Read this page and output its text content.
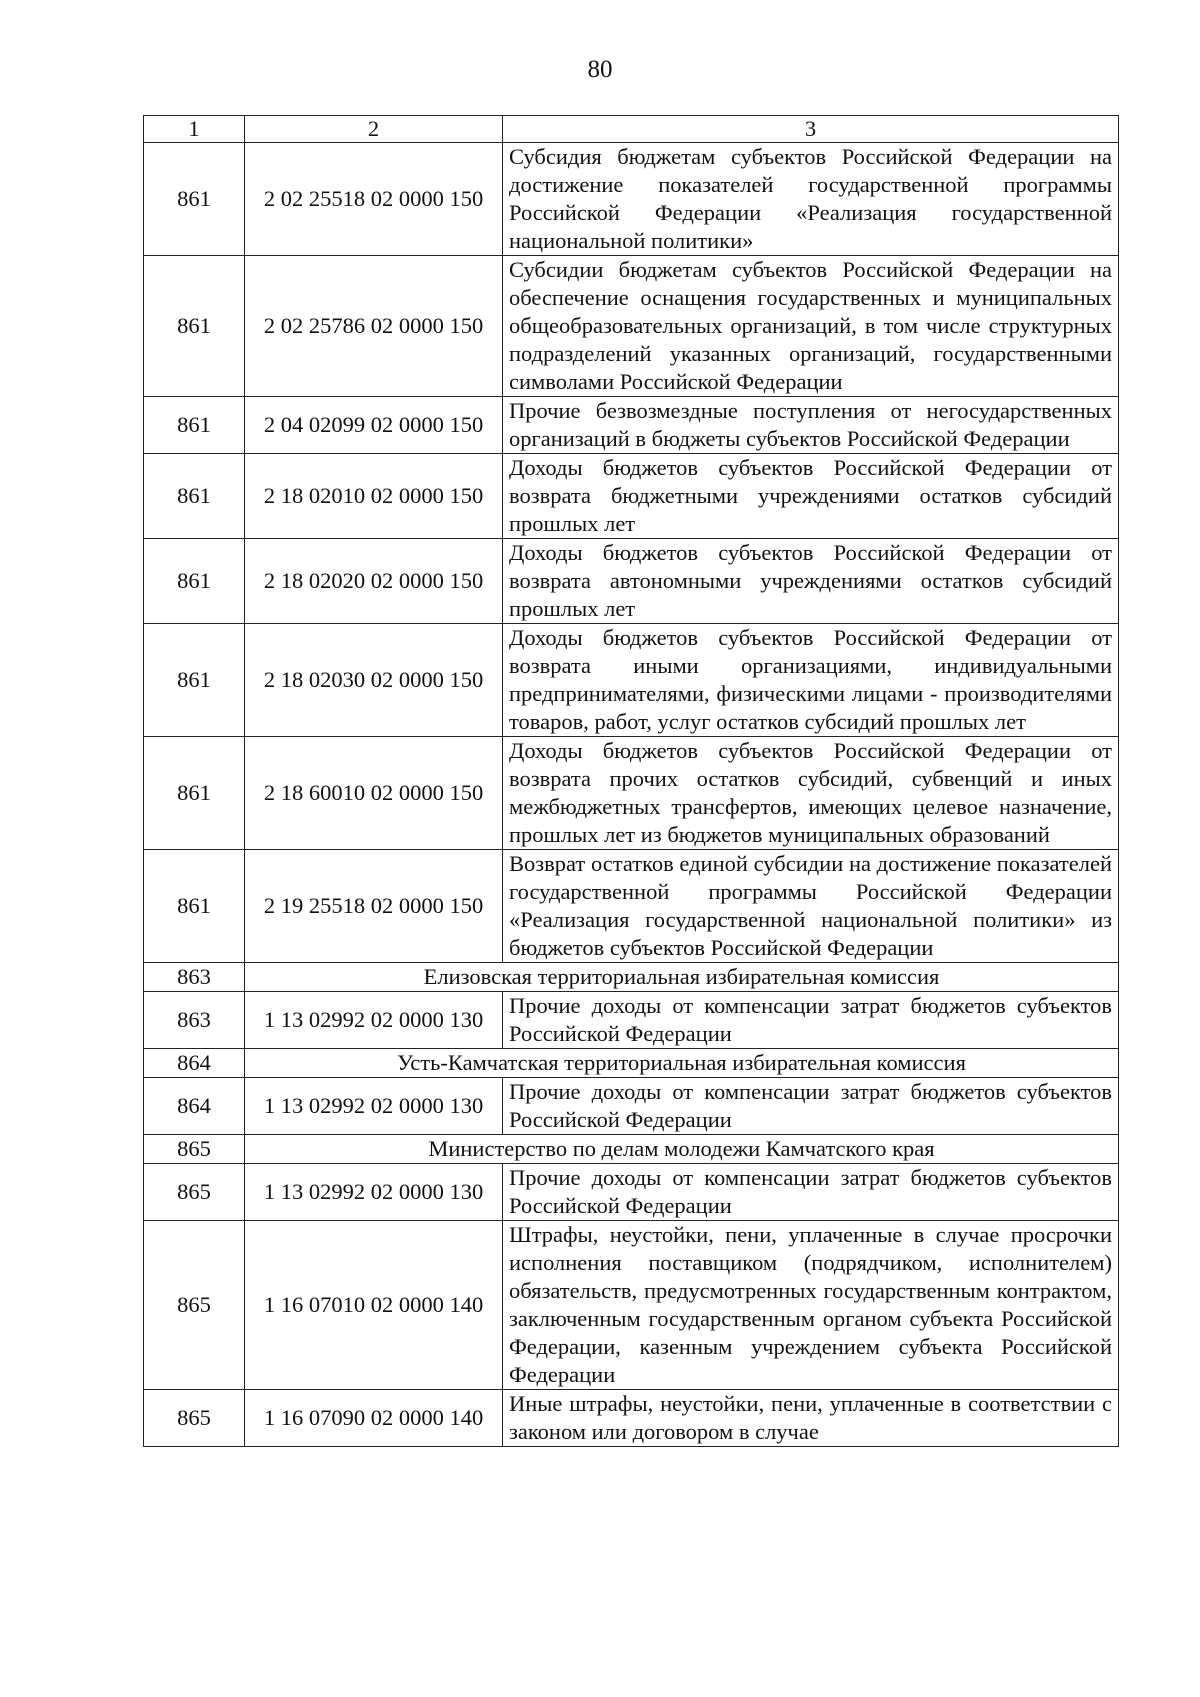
80
1	2	3
861	2 02 25518 02 0000 150	Субсидия бюджетам субъектов Российской Федерации на достижение показателей государственной программы Российской Федерации «Реализация государственной национальной политики»
861	2 02 25786 02 0000 150	Субсидии бюджетам субъектов Российской Федерации на обеспечение оснащения государственных и муниципальных общеобразовательных организаций, в том числе структурных подразделений указанных организаций, государственными символами Российской Федерации
861	2 04 02099 02 0000 150	Прочие безвозмездные поступления от негосударственных организаций в бюджеты субъектов Российской Федерации
861	2 18 02010 02 0000 150	Доходы бюджетов субъектов Российской Федерации от возврата бюджетными учреждениями остатков субсидий прошлых лет
861	2 18 02020 02 0000 150	Доходы бюджетов субъектов Российской Федерации от возврата автономными учреждениями остатков субсидий прошлых лет
861	2 18 02030 02 0000 150	Доходы бюджетов субъектов Российской Федерации от возврата иными организациями, индивидуальными предпринимателями, физическими лицами - производителями товаров, работ, услуг остатков субсидий прошлых лет
861	2 18 60010 02 0000 150	Доходы бюджетов субъектов Российской Федерации от возврата прочих остатков субсидий, субвенций и иных межбюджетных трансфертов, имеющих целевое назначение, прошлых лет из бюджетов муниципальных образований
861	2 19 25518 02 0000 150	Возврат остатков единой субсидии на достижение показателей государственной программы Российской Федерации «Реализация государственной национальной политики» из бюджетов субъектов Российской Федерации
863	Елизовская территориальная избирательная комиссия	
863	1 13 02992 02 0000 130	Прочие доходы от компенсации затрат бюджетов субъектов Российской Федерации
864	Усть-Камчатская территориальная избирательная комиссия	
864	1 13 02992 02 0000 130	Прочие доходы от компенсации затрат бюджетов субъектов Российской Федерации
865	Министерство по делам молодежи Камчатского края	
865	1 13 02992 02 0000 130	Прочие доходы от компенсации затрат бюджетов субъектов Российской Федерации
865	1 16 07010 02 0000 140	Штрафы, неустойки, пени, уплаченные в случае просрочки исполнения поставщиком (подрядчиком, исполнителем) обязательств, предусмотренных государственным контрактом, заключенным государственным органом субъекта Российской Федерации, казенным учреждением субъекта Российской Федерации
865	1 16 07090 02 0000 140	Иные штрафы, неустойки, пени, уплаченные в соответствии с законом или договором в случае
